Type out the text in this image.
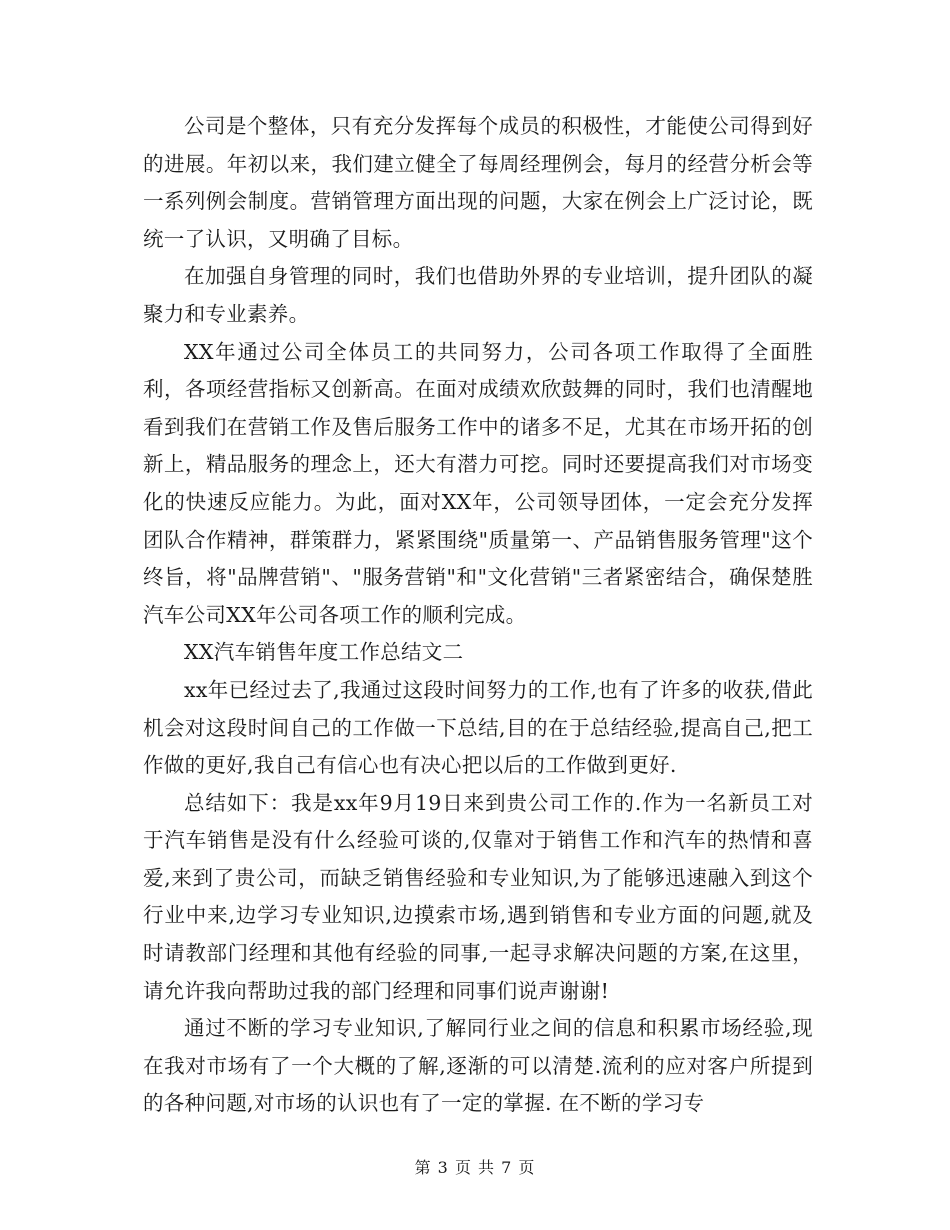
公司是个整体，只有充分发挥每个成员的积极性，才能使公司得到好的进展。年初以来，我们建立健全了每周经理例会，每月的经营分析会等一系列例会制度。营销管理方面出现的问题，大家在例会上广泛讨论，既统一了认识，又明确了目标。

在加强自身管理的同时，我们也借助外界的专业培训，提升团队的凝聚力和专业素养。

XX年通过公司全体员工的共同努力，公司各项工作取得了全面胜利，各项经营指标又创新高。在面对成绩欢欣鼓舞的同时，我们也清醒地看到我们在营销工作及售后服务工作中的诸多不足，尤其在市场开拓的创新上，精品服务的理念上，还大有潜力可挖。同时还要提高我们对市场变化的快速反应能力。为此，面对XX年，公司领导团体，一定会充分发挥团队合作精神，群策群力，紧紧围绕"质量第一、产品销售服务管理"这个终旨，将"品牌营销"、"服务营销"和"文化营销"三者紧密结合，确保楚胜汽车公司XX年公司各项工作的顺利完成。

XX汽车销售年度工作总结文二

xx年已经过去了,我通过这段时间努力的工作,也有了许多的收获,借此机会对这段时间自己的工作做一下总结,目的在于总结经验,提高自己,把工作做的更好,我自己有信心也有决心把以后的工作做到更好.

总结如下：我是xx年9月19日来到贵公司工作的.作为一名新员工对于汽车销售是没有什么经验可谈的,仅靠对于销售工作和汽车的热情和喜爱,来到了贵公司，而缺乏销售经验和专业知识,为了能够迅速融入到这个行业中来,边学习专业知识,边摸索市场,遇到销售和专业方面的问题,就及时请教部门经理和其他有经验的同事,一起寻求解决问题的方案,在这里，请允许我向帮助过我的部门经理和同事们说声谢谢!

通过不断的学习专业知识,了解同行业之间的信息和积累市场经验,现在我对市场有了一个大概的了解,逐渐的可以清楚.流利的应对客户所提到的各种问题,对市场的认识也有了一定的掌握. 在不断的学习专

第 3 页 共 7 页
